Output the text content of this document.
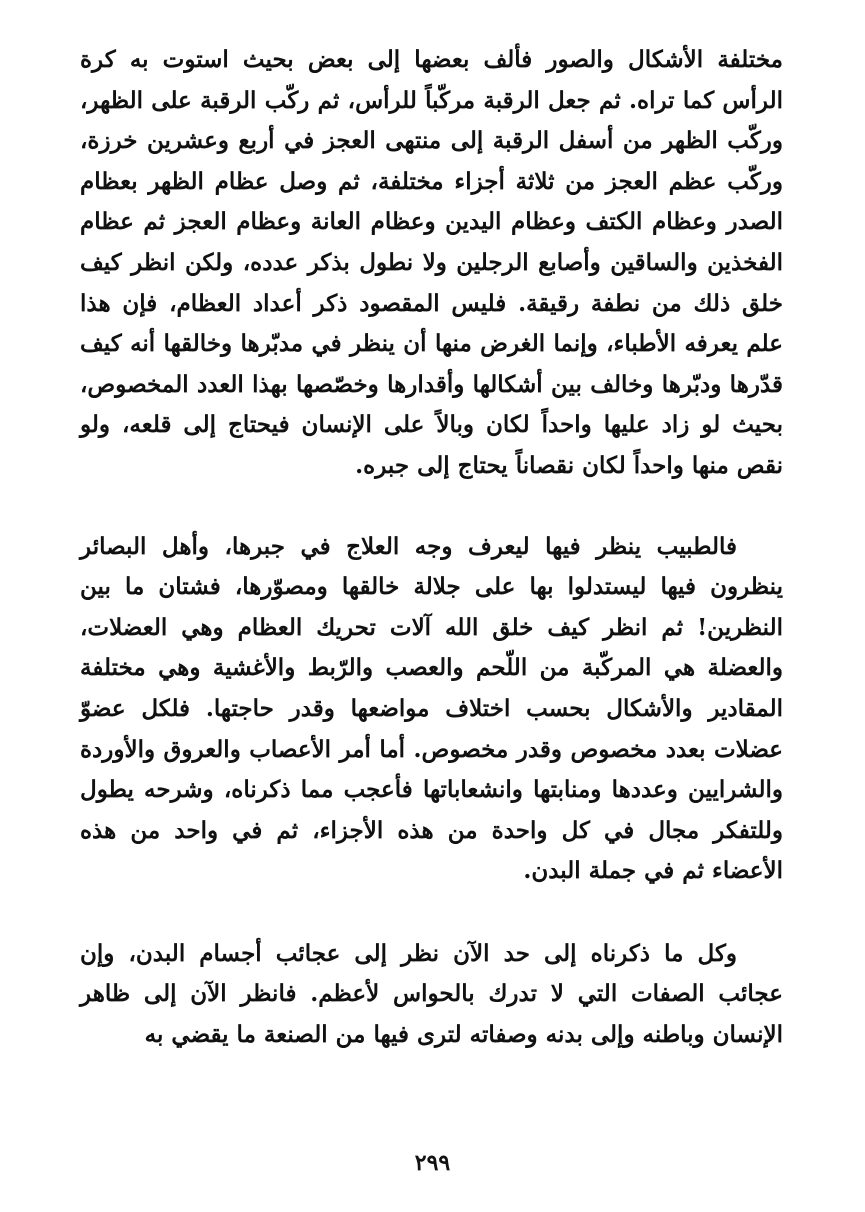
مختلفة الأشكال والصور فألف بعضها إلى بعض بحيث استوت به كرة الرأس كما تراه. ثم جعل الرقبة مركّباً للرأس، ثم ركّب الرقبة على الظهر، وركّب الظهر من أسفل الرقبة إلى منتهى العجز في أربع وعشرين خرزة، وركّب عظم العجز من ثلاثة أجزاء مختلفة، ثم وصل عظام الظهر بعظام الصدر وعظام الكتف وعظام اليدين وعظام العانة وعظام العجز ثم عظام الفخذين والساقين وأصابع الرجلين ولا نطول بذكر عدده، ولكن انظر كيف خلق ذلك من نطفة رقيقة. فليس المقصود ذكر أعداد العظام، فإن هذا علم يعرفه الأطباء، وإنما الغرض منها أن ينظر في مدبّرها وخالقها أنه كيف قدّرها ودبّرها وخالف بين أشكالها وأقدارها وخصّصها بهذا العدد المخصوص، بحيث لو زاد عليها واحداً لكان وبالاً على الإنسان فيحتاج إلى قلعه، ولو نقص منها واحداً لكان نقصاناً يحتاج إلى جبره.

فالطبيب ينظر فيها ليعرف وجه العلاج في جبرها، وأهل البصائر ينظرون فيها ليستدلوا بها على جلالة خالقها ومصوّرها، فشتان ما بين النظرين! ثم انظر كيف خلق الله آلات تحريك العظام وهي العضلات، والعضلة هي المركّبة من اللّحم والعصب والرّبط والأغشية وهي مختلفة المقادير والأشكال بحسب اختلاف مواضعها وقدر حاجتها. فلكل عضوّ عضلات بعدد مخصوص وقدر مخصوص. أما أمر الأعصاب والعروق والأوردة والشرايين وعددها ومنابتها وانشعاباتها فأعجب مما ذكرناه، وشرحه يطول وللتفكر مجال في كل واحدة من هذه الأجزاء، ثم في واحد من هذه الأعضاء ثم في جملة البدن.

وكل ما ذكرناه إلى حد الآن نظر إلى عجائب أجسام البدن، وإن عجائب الصفات التي لا تدرك بالحواس لأعظم. فانظر الآن إلى ظاهر الإنسان وباطنه وإلى بدنه وصفاته لترى فيها من الصنعة ما يقضي به

٢٩٩
